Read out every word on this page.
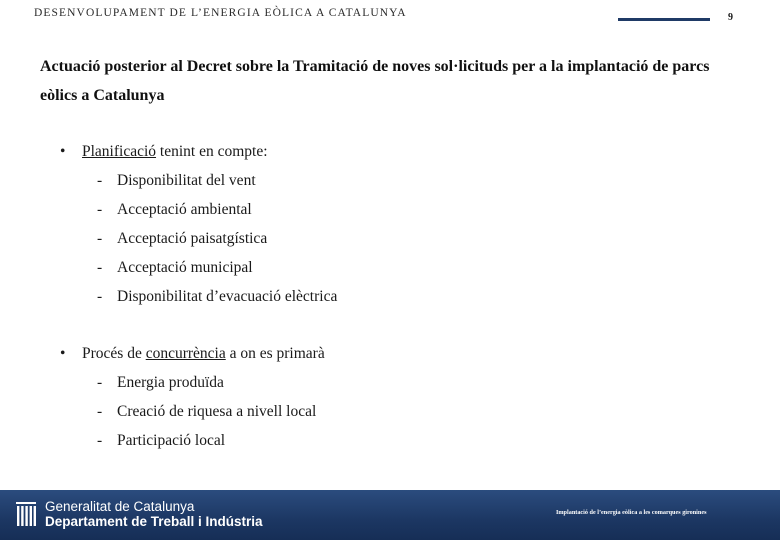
DESENVOLUPAMENT DE L’ENERGIA EÒLICA A CATALUNYA	9
Actuació posterior al Decret sobre la Tramitació de noves sol·licituds per a la implantació de parcs eòlics a Catalunya
• Planificació tenint en compte:
- Disponibilitat del vent
- Acceptació ambiental
- Acceptació paisatgística
- Acceptació municipal
- Disponibilitat d’evacuació elèctrica
• Procés de concurrència a on es primarà
- Energia produïda
- Creació de riquesa a nivell local
- Participació local
Generalitat de Catalunya
Departament de Treball i Indústria
Implantació de l’energia eòlica a les comarques gironines
